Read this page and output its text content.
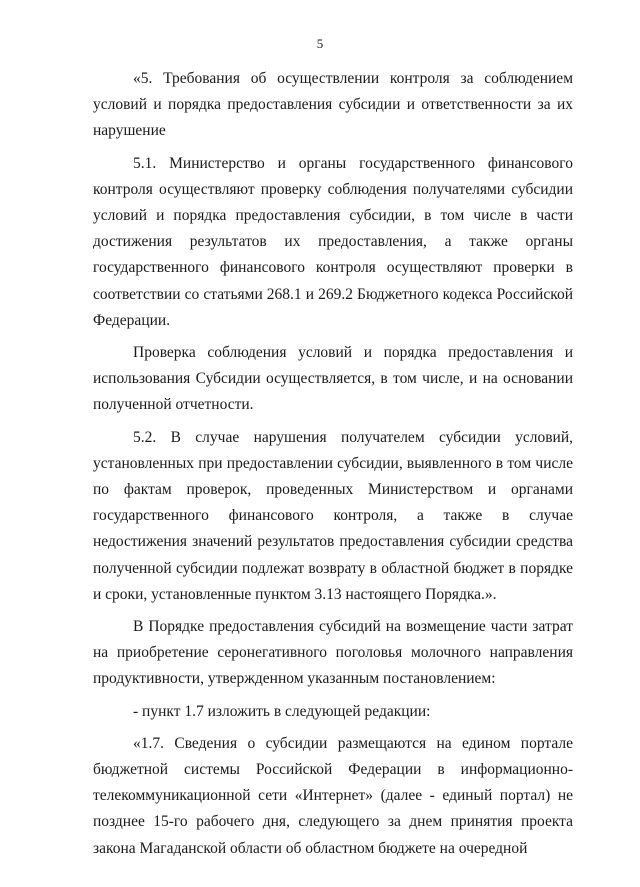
5

«5. Требования об осуществлении контроля за соблюдением условий и порядка предоставления субсидии и ответственности за их нарушение

5.1. Министерство и органы государственного финансового контроля осуществляют проверку соблюдения получателями субсидии условий и порядка предоставления субсидии, в том числе в части достижения результатов их предоставления, а также органы государственного финансового контроля осуществляют проверки в соответствии со статьями 268.1 и 269.2 Бюджетного кодекса Российской Федерации.

Проверка соблюдения условий и порядка предоставления и использования Субсидии осуществляется, в том числе, и на основании полученной отчетности.

5.2. В случае нарушения получателем субсидии условий, установленных при предоставлении субсидии, выявленного в том числе по фактам проверок, проведенных Министерством и органами государственного финансового контроля, а также в случае недостижения значений результатов предоставления субсидии средства полученной субсидии подлежат возврату в областной бюджет в порядке и сроки, установленные пунктом 3.13 настоящего Порядка.».

В Порядке предоставления субсидий на возмещение части затрат на приобретение серонегативного поголовья молочного направления продуктивности, утвержденном указанным постановлением:

- пункт 1.7 изложить в следующей редакции:

«1.7. Сведения о субсидии размещаются на едином портале бюджетной системы Российской Федерации в информационно-телекоммуникационной сети «Интернет» (далее - единый портал) не позднее 15-го рабочего дня, следующего за днем принятия проекта закона Магаданской области об областном бюджете на очередной
